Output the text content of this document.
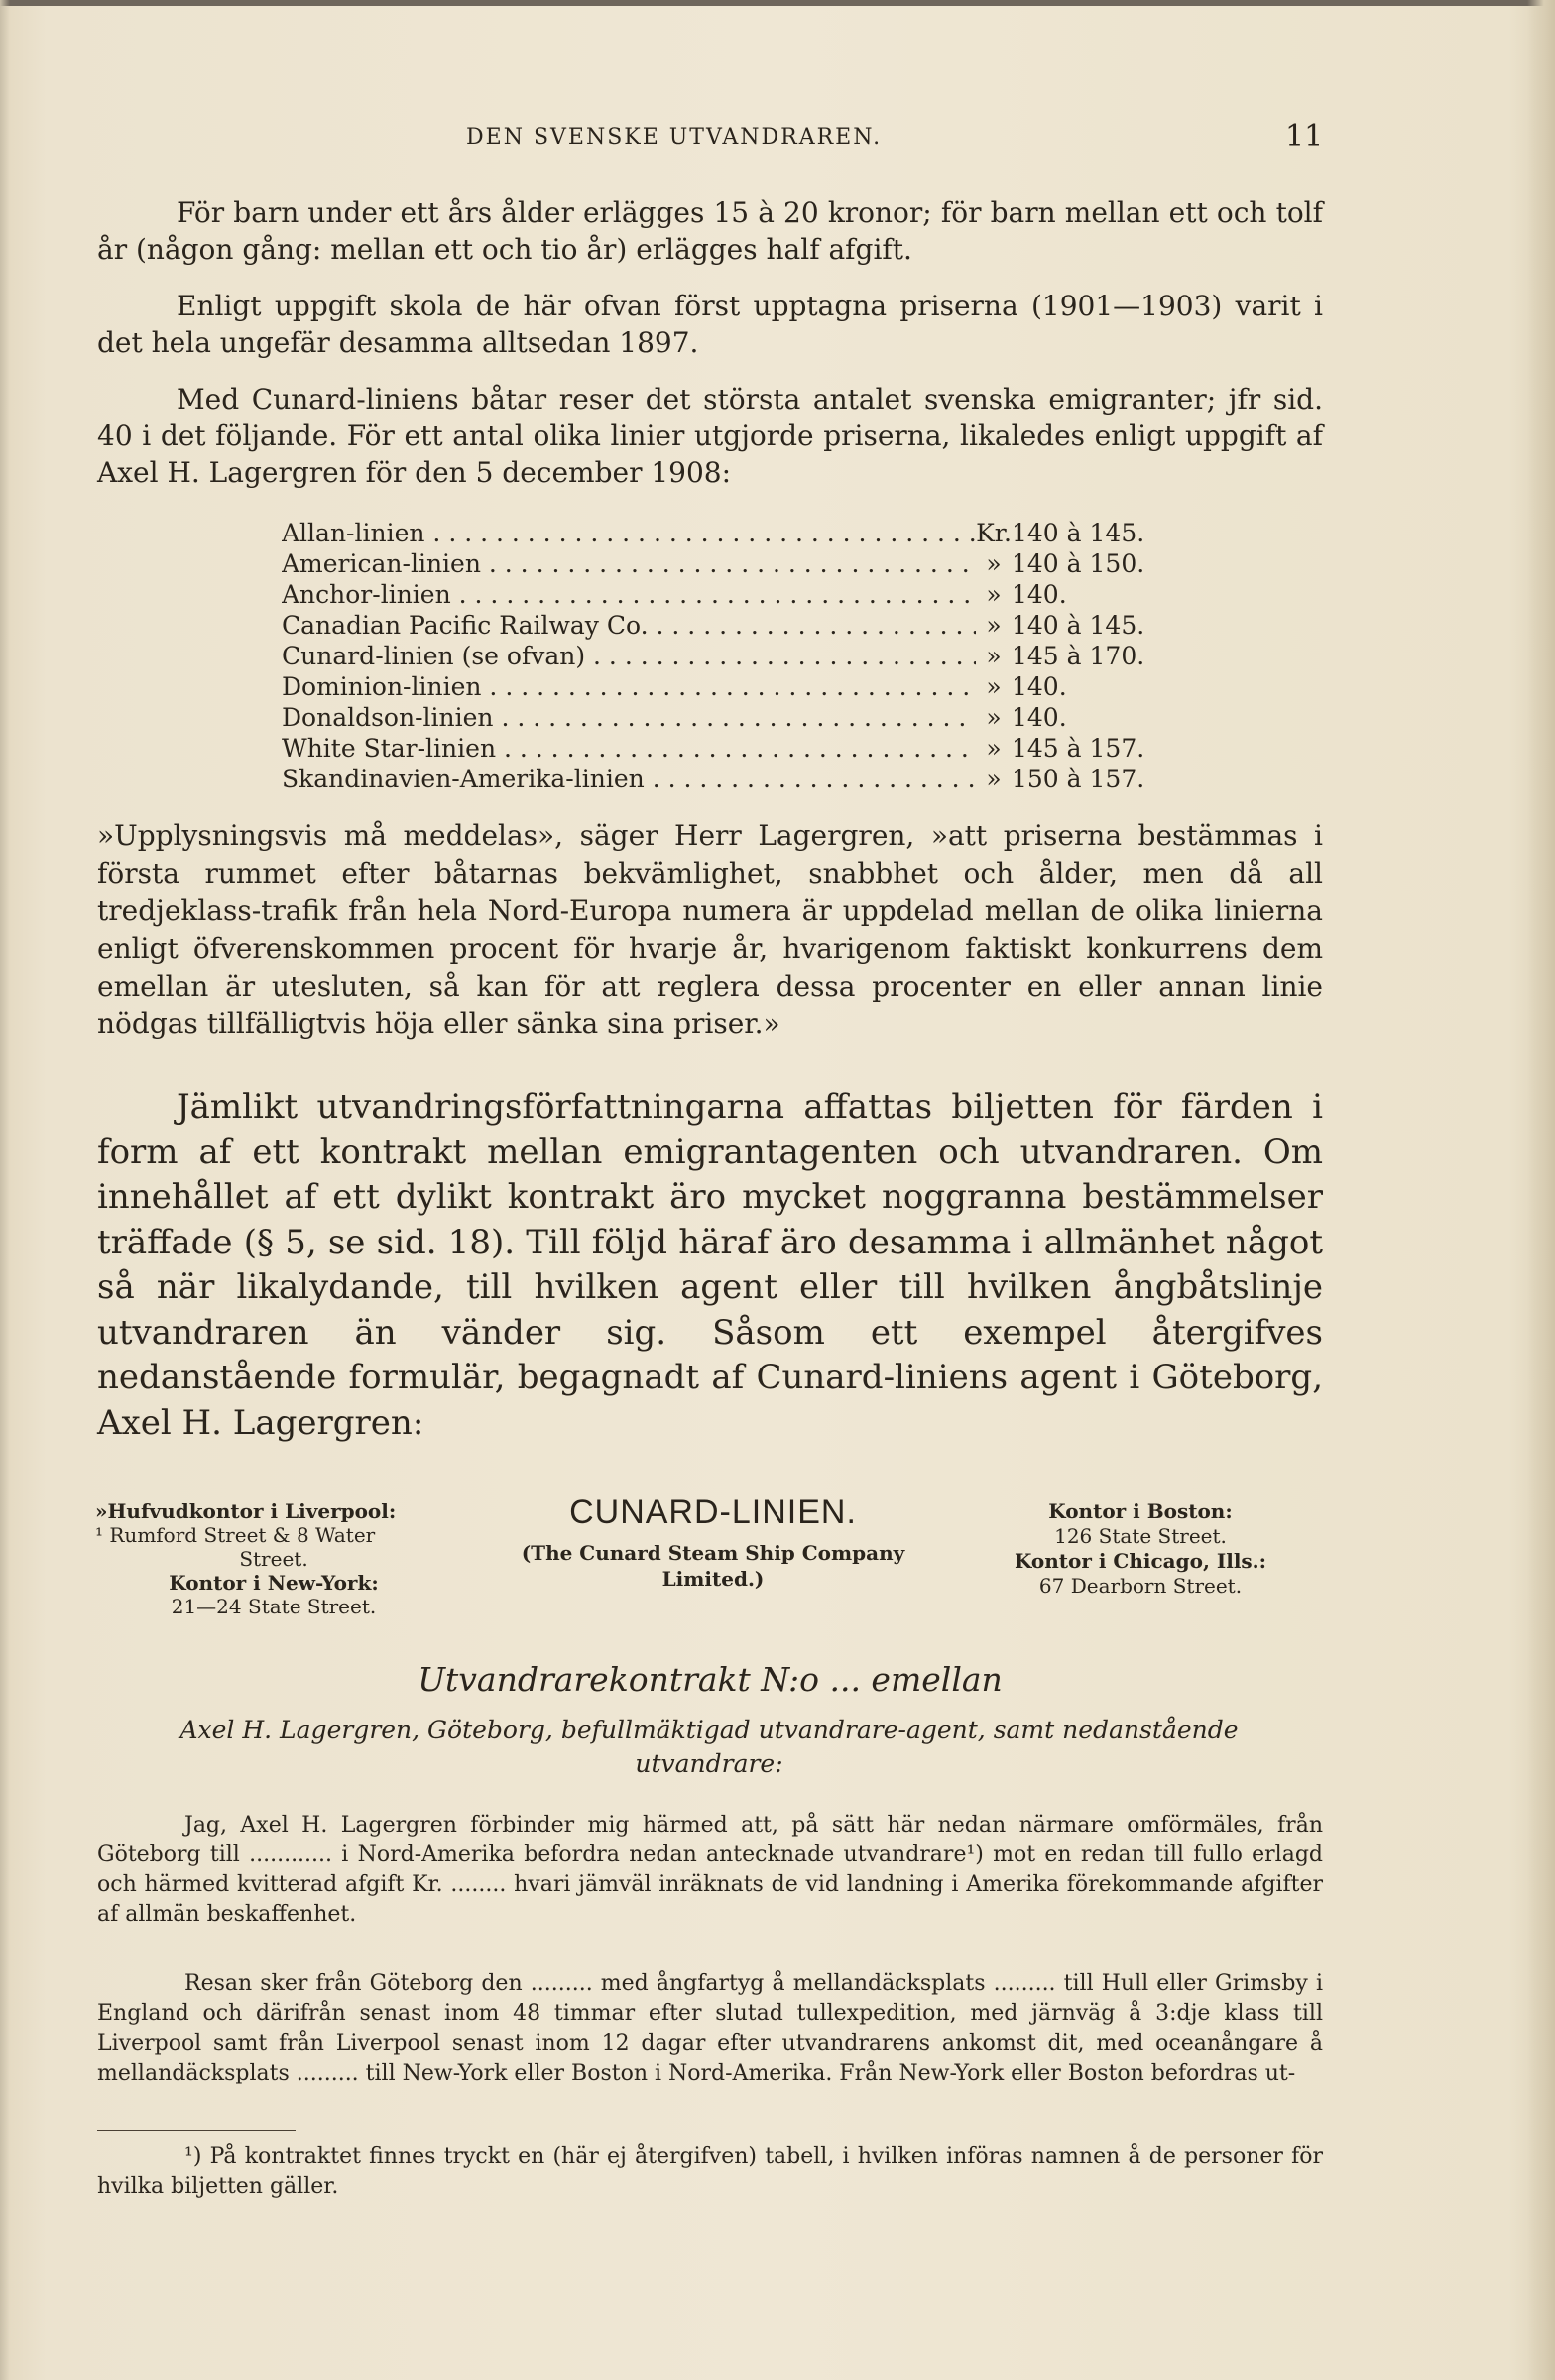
DEN SVENSKE UTVANDRAREN.	11

För barn under ett års ålder erlägges 15 à 20 kronor; för barn mellan ett och tolf år (någon gång: mellan ett och tio år) erlägges half afgift.

Enligt uppgift skola de här ofvan först upptagna priserna (1901—1903) varit i det hela ungefär desamma alltsedan 1897.

Med Cunard-liniens båtar reser det största antalet svenska emigranter; jfr sid. 40 i det följande. För ett antal olika linier utgjorde priserna, likaledes enligt uppgift af Axel H. Lagergren för den 5 december 1908:

Allan-linien . . .	Kr. 140 à 145.
American-linien . . .	» 140 à 150.
Anchor-linien . . .	» 140.
Canadian Pacific Railway Co. . . .	» 140 à 145.
Cunard-linien (se ofvan) . . .	» 145 à 170.
Dominion-linien . . .	» 140.
Donaldson-linien . . .	» 140.
White Star-linien . . .	» 145 à 157.
Skandinavien-Amerika-linien . . .	» 150 à 157.

»Upplysningsvis må meddelas», säger Herr Lagergren, »att priserna bestämmas i första rummet efter båtarnas bekvämlighet, snabbhet och ålder, men då all tredjeklass-trafik från hela Nord-Europa numera är uppdelad mellan de olika linierna enligt öfverenskommen procent för hvarje år, hvarigenom faktiskt konkurrens dem emellan är utesluten, så kan för att reglera dessa procenter en eller annan linie nödgas tillfälligtvis höja eller sänka sina priser.»

Jämlikt utvandringsförfattningarna affattas biljetten för färden i form af ett kontrakt mellan emigrantagenten och utvandraren. Om innehållet af ett dylikt kontrakt äro mycket noggranna bestämmelser träffade (§ 5, se sid. 18). Till följd häraf äro desamma i allmänhet något så när likalydande, till hvilken agent eller till hvilken ångbåtslinje utvandraren än vänder sig. Såsom ett exempel återgifves nedanstående formulär, begagnadt af Cunard-liniens agent i Göteborg, Axel H. Lagergren:

»Hufvudkontor i Liverpool:
¹ Rumford Street & 8 Water
Street.
Kontor i New-York:
21—24 State Street.
CUNARD-LINIEN.
(The Cunard Steam Ship Company
Limited.)
Kontor i Boston:
126 State Street.
Kontor i Chicago, Ills.:
67 Dearborn Street.
Utvandrarekontrakt N:o ... emellan
Axel H. Lagergren, Göteborg, befullmäktigad utvandrare-agent, samt nedanstående utvandrare:

Jag, Axel H. Lagergren förbinder mig härmed att, på sätt här nedan närmare omförmäles, från Göteborg till ............ i Nord-Amerika befordra nedan antecknade utvandrare¹) mot en redan till fullo erlagd och härmed kvitterad afgift Kr. ........ hvari jämväl inräknats de vid landning i Amerika förekommande afgifter af allmän beskaffenhet.

Resan sker från Göteborg den ......... med ångfartyg å mellandäcksplats ......... till Hull eller Grimsby i England och därifrån senast inom 48 timmar efter slutad tullexpedition, med järnväg å 3:dje klass till Liverpool samt från Liverpool senast inom 12 dagar efter utvandrarens ankomst dit, med oceanångare å mellandäcksplats ......... till New-York eller Boston i Nord-Amerika. Från New-York eller Boston befordras ut-

¹) På kontraktet finnes tryckt en (här ej återgifven) tabell, i hvilken införas namnen å de personer för hvilka biljetten gäller.
